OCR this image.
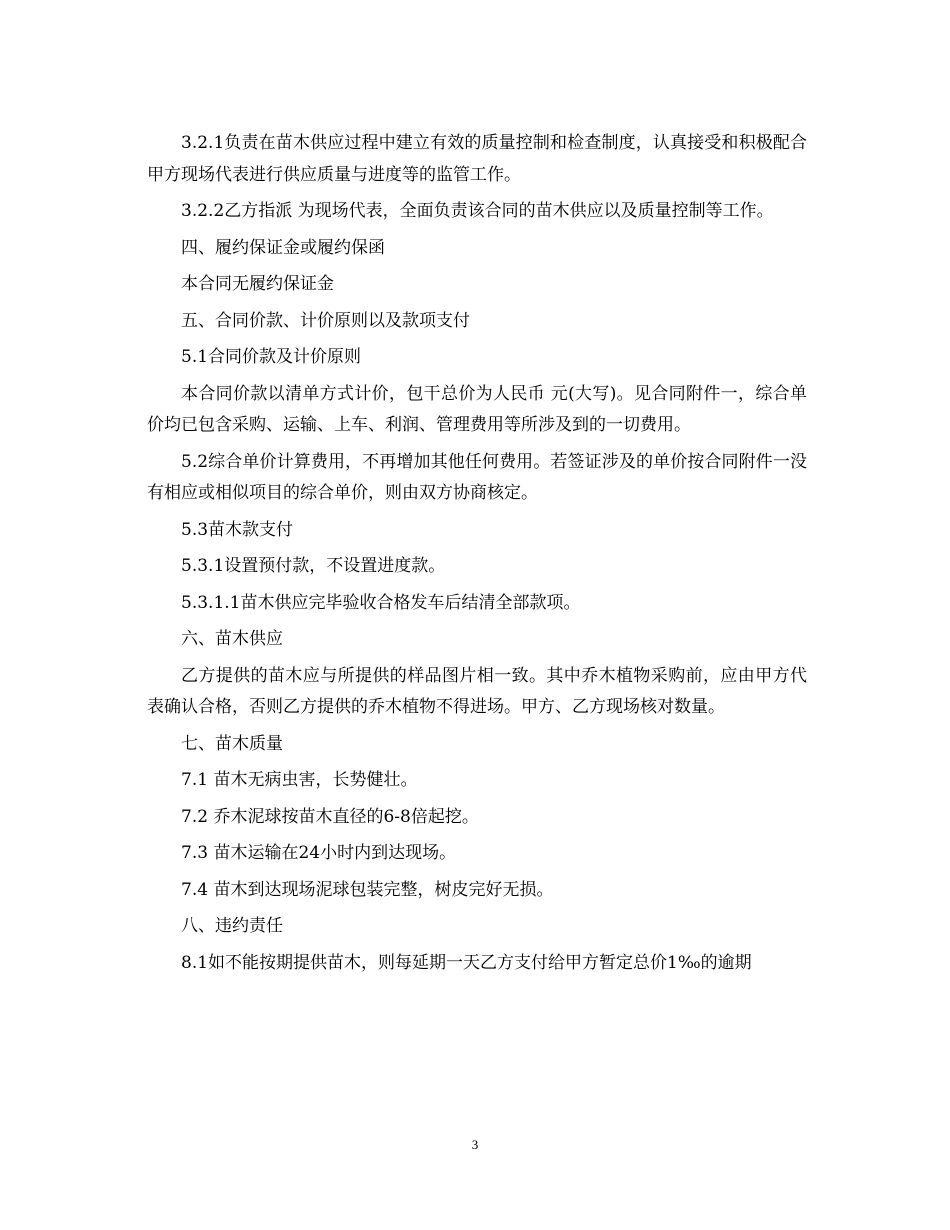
3.2.1负责在苗木供应过程中建立有效的质量控制和检查制度，认真接受和积极配合甲方现场代表进行供应质量与进度等的监管工作。

3.2.2乙方指派 为现场代表，全面负责该合同的苗木供应以及质量控制等工作。

四、履约保证金或履约保函

本合同无履约保证金

五、合同价款、计价原则以及款项支付

5.1合同价款及计价原则

本合同价款以清单方式计价，包干总价为人民币 元(大写)。见合同附件一，综合单价均已包含采购、运输、上车、利润、管理费用等所涉及到的一切费用。

5.2综合单价计算费用，不再增加其他任何费用。若签证涉及的单价按合同附件一没有相应或相似项目的综合单价，则由双方协商核定。

5.3苗木款支付

5.3.1设置预付款，不设置进度款。

5.3.1.1苗木供应完毕验收合格发车后结清全部款项。

六、苗木供应

乙方提供的苗木应与所提供的样品图片相一致。其中乔木植物采购前，应由甲方代表确认合格，否则乙方提供的乔木植物不得进场。甲方、乙方现场核对数量。

七、苗木质量

7.1 苗木无病虫害，长势健壮。

7.2 乔木泥球按苗木直径的6-8倍起挖。

7.3 苗木运输在24小时内到达现场。

7.4 苗木到达现场泥球包装完整，树皮完好无损。

八、违约责任

8.1如不能按期提供苗木，则每延期一天乙方支付给甲方暂定总价1‰的逾期

3
